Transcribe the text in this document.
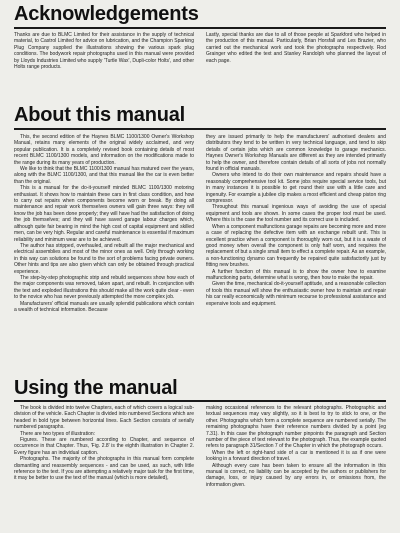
Acknowledgements

Thanks are due to BLMC Limited for their assistance in the supply of technical material, to Castrol Limited for advice on lubrication, and the Champion Sparking Plug Company supplied the illustrations showing the various spark plug conditions. The bodywork repair photographs used in this manual were provided by Lloyds Industries Limited who supply 'Turtle Wax', Dupli-color Holts', and other Holts range products.

Lastly, special thanks are due to all of those people at Sparkford who helped in the production of this manual. Particularly, Brian Horsfall and Les Brazier, who carried out the mechanical work and took the photographs respectively. Rod Grainger who edited the text and Stanley Randolph who planned the layout of each page.

About this manual

This, the second edition of the Haynes BLMC 1100/1300 Owner's Workshop Manual, retains many elements of the original widely acclaimed, and very popular publication. It is a completely revised book containing details of most recent BLMC 1100/1300 models, and information on the modifications made to the range during its many years of production.

We like to think that the BLMC 1100/1300 manual has matured over the years, along with the BLMC 1100/1300, and that this manual like the car is even better than the original.

This is a manual for the do-it-yourself minded BLMC 1100/1300 motoring enthusiast. It shows how to maintain these cars in first class condition, and how to carry out repairs when components become worn or break. By doing all maintenance and repair work themselves owners will gain three ways: they will know the job has been done properly; they will have had the satisfaction of doing the job themselves; and they will have saved garage labour charges which, although quite fair bearing in mind the high cost of capital equipment and skilled men, can be very high. Regular and careful maintenance is essential if maximum reliability and minimum wear are to be achieved.

The author has stripped, overhauled, and rebuilt all the major mechanical and electrical assemblies and most of the minor ones as well. Only through working in this way can solutions be found to the sort of problems facing private owners. Other hints and tips are also given which can only be obtained through practical experience.

The step-by-step photographic strip and rebuild sequences show how each of the major components was removed, taken apart, and rebuilt. In conjunction with the text and exploded illustrations this should make all the work quite clear - even to the novice who has never previously attempted the more complex job.

Manufacturers' official manuals are usually splendid publications which contain a wealth of technical information. Because

they are issued primarily to help the manufacturers' authorised dealers and distributors they tend to be written in very technical language, and tend to skip details of certain jobs which are common knowledge to garage mechanics. Haynes Owner's Workshop Manuals are different as they are intended primarily to help the owner, and therefore contain details of all sorts of jobs not normally found in official manuals.

Owners who intend to do their own maintenance and repairs should have a reasonably comprehensive tool kit. Some jobs require special service tools, but in many instances it is possible to get round their use with a little care and ingenuity. For example a jubilee clip makes a most efficient and cheap piston ring compressor.

Throughout this manual ingenious ways of avoiding the use of special equipment and tools are shown. In some cases the proper tool must be used. Where this is the case the tool number and its correct use is included.

When a component malfunctions garage repairs are becoming more and more a case of replacing the defective item with an exchange rebuilt unit. This is excellent practice when a component is thoroughly worn out, but it is a waste of good money when overall the component is only half worn, and requires the replacement of but a single small item to effect a complete repair. As an example, a non-functioning dynamo can frequently be repaired quite satisfactorily just by fitting new brushes.

A further function of this manual is to show the owner how to examine malfunctioning parts, determine what is wrong, then how to make the repair.

Given the time, mechanical do-it-yourself aptitude, and a reasonable collection of tools this manual will show the enthusiastic owner how to maintain and repair his car really economically with minimum recourse to professional assistance and expensive tools and equipment.

Using the manual

The book is divided into twelve Chapters, each of which covers a logical sub-division of the vehicle. Each Chapter is divided into numbered Sections which are headed in bold type between horizontal lines. Each Section consists of serially numbered paragraphs.

There are two types of illustration:

Figures. These are numbered according to Chapter, and sequence of occurrence in that Chapter. Thus, 'Fig. 2.8' is the eighth illustration in Chapter 2. Every figure has an individual caption.

Photographs. The majority of the photographs in this manual form complete dismantling and reassembly sequences - and can be used, as such, with little reference to the text. If you are attempting a relatively major task for the first time, it may be better to use the text of the manual (which is more detailed),

making occasional references to the relevant photographs. Photographic and textual sequences may vary slightly, so it is best to try to stick to one, or the other. Photographs which form a complete sequence are numbered serially. The remaining photographs have their reference numbers divided by a point (eg 7.31). In this case the photograph number pinpoints the paragraph and Section number of the piece of text relevant to the photograph. Thus, the example quoted refers to paragraph 31/Section 7 of the Chapter in which the photograph occurs.

When the left or right-hand side of a car is mentioned it is as if one were looking in a forward direction of travel.

Although every care has been taken to ensure all the information in this manual is correct, no liability can be accepted by the authors or publishers for damage, loss, or injury caused by any errors in, or omissions from, the information given.
